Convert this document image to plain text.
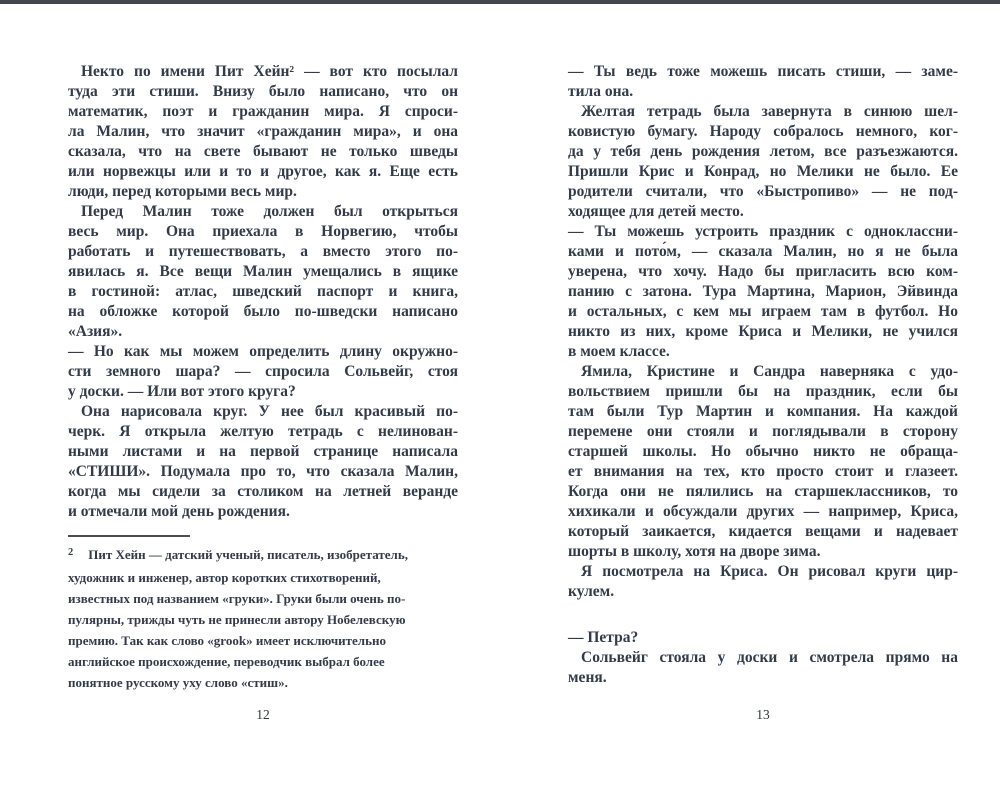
Некто по имени Пит Хейн² — вот кто посылал
туда эти стиши. Внизу было написано, что он
математик, поэт и гражданин мира. Я спроси-
ла Малин, что значит «гражданин мира», и она
сказала, что на свете бывают не только шведы
или норвежцы или и то и другое, как я. Еще есть
люди, перед которыми весь мир.
Перед Малин тоже должен был открыться
весь мир. Она приехала в Норвегию, чтобы
работать и путешествовать, а вместо этого по-
явилась я. Все вещи Малин умещались в ящике
в гостиной: атлас, шведский паспорт и книга,
на обложке которой было по-шведски написано
«Азия».
— Но как мы можем определить длину окружно-
сти земного шара? — спросила Сольвейг, стоя
у доски. — Или вот этого круга?
Она нарисовала круг. У нее был красивый по-
черк. Я открыла желтую тетрадь с нелинован-
ными листами и на первой странице написала
«СТИШИ». Подумала про то, что сказала Малин,
когда мы сидели за столиком на летней веранде
и отмечали мой день рождения.
2 Пит Хейн — датский ученый, писатель, изобретатель,
художник и инженер, автор коротких стихотворений,
известных под названием «груки». Груки были очень по-
пулярны, трижды чуть не принесли автору Нобелевскую
премию. Так как слово «grook» имеет исключительно
английское происхождение, переводчик выбрал более
понятное русскому уху слово «стиш».
12
— Ты ведь тоже можешь писать стиши, — заме-
тила она.
Желтая тетрадь была завернута в синюю шел-
ковистую бумагу. Народу собралось немного, ког-
да у тебя день рождения летом, все разъезжаются.
Пришли Крис и Конрад, но Мелики не было. Ее
родители считали, что «Быстропиво» — не под-
ходящее для детей место.
— Ты можешь устроить праздник с одноклассни-
ками и пото́м, — сказала Малин, но я не была
уверена, что хочу. Надо бы пригласить всю ком-
панию с затона. Тура Мартина, Марион, Эйвинда
и остальных, с кем мы играем там в футбол. Но
никто из них, кроме Криса и Мелики, не учился
в моем классе.
Ямила, Кристине и Сандра наверняка с удо-
вольствием пришли бы на праздник, если бы
там были Тур Мартин и компания. На каждой
перемене они стояли и поглядывали в сторону
старшей школы. Но обычно никто не обраща-
ет внимания на тех, кто просто стоит и глазеет.
Когда они не пялились на старшеклассников, то
хихикали и обсуждали других — например, Криса,
который заикается, кидается вещами и надевает
шорты в школу, хотя на дворе зима.
Я посмотрела на Криса. Он рисовал круги цир-
кулем.
— Петра?
Сольвейг стояла у доски и смотрела прямо на
меня.
13
